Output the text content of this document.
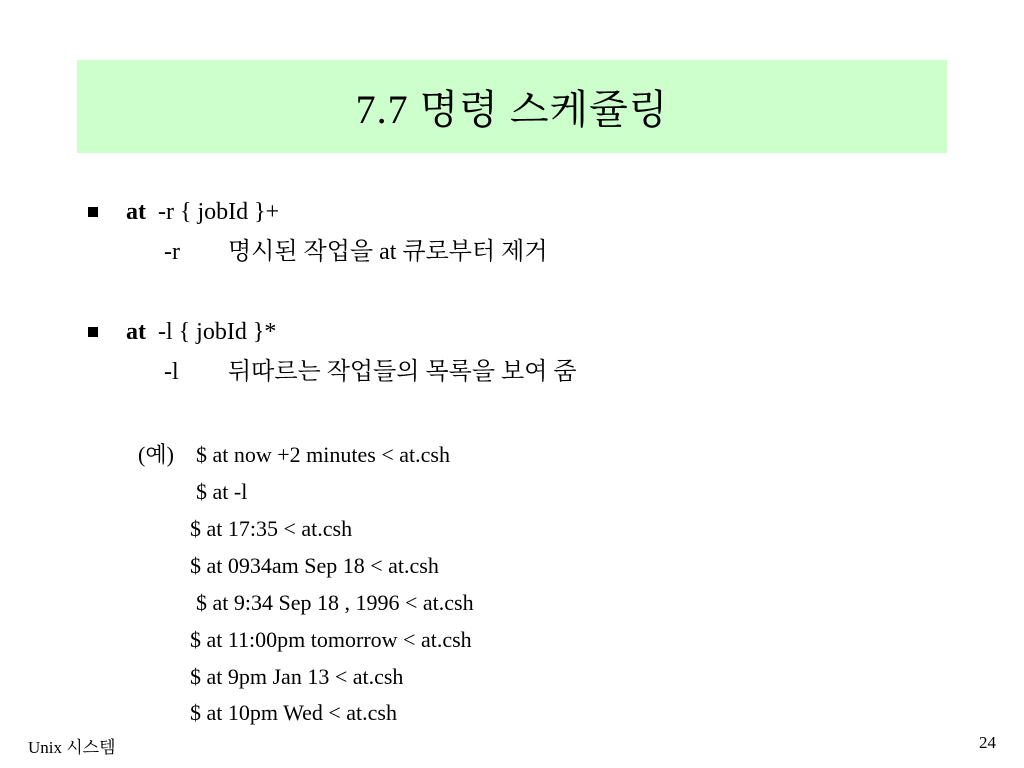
7.7 명령 스케쥴링
at  -r { jobId }+
-r 명시된 작업을 at 큐로부터 제거
at  -l { jobId }*
-l 뒤따르는 작업들의 목록을 보여 줌
(예) $ at now +2 minutes < at.csh
$ at -l
$ at 17:35 < at.csh
$ at 0934am Sep 18 < at.csh
$ at 9:34 Sep 18 , 1996 < at.csh
$ at 11:00pm tomorrow < at.csh
$ at 9pm Jan 13 < at.csh
$ at 10pm Wed < at.csh
Unix 시스템	24
